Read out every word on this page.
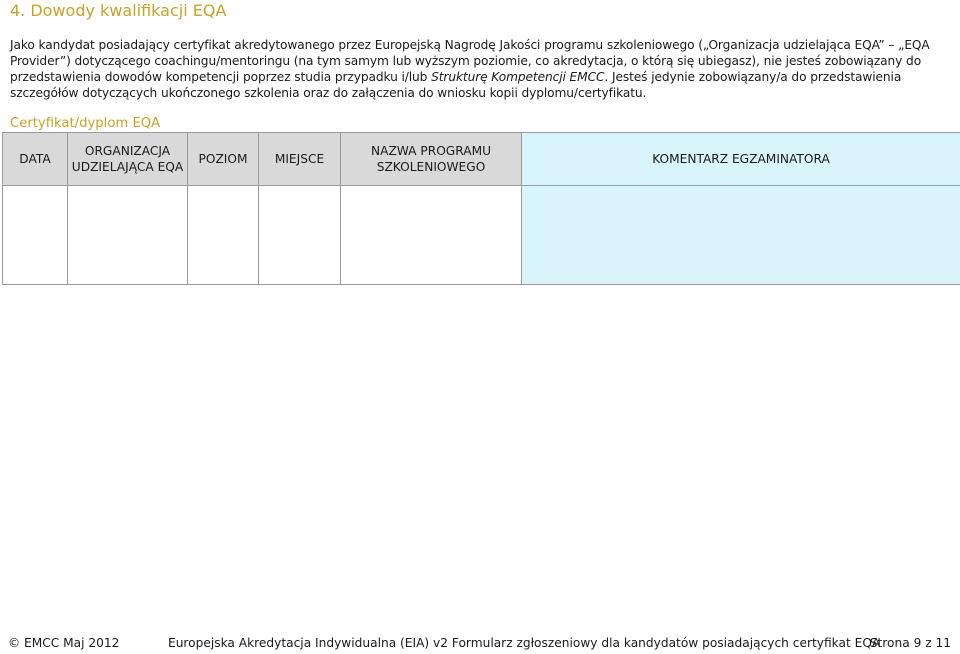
4. Dowody kwalifikacji EQA

Jako kandydat posiadający certyfikat akredytowanego przez Europejską Nagrodę Jakości programu szkoleniowego („Organizacja udzielająca EQA” – „EQA Provider”) dotyczącego coachingu/mentoringu (na tym samym lub wyższym poziomie, co akredytacja, o którą się ubiegasz), nie jesteś zobowiązany do przedstawienia dowodów kompetencji poprzez studia przypadku i/lub Strukturę Kompetencji EMCC. Jesteś jedynie zobowiązany/a do przedstawienia szczegółów dotyczących ukończonego szkolenia oraz do załączenia do wniosku kopii dyplomu/certyfikatu.

Certyfikat/dyplom EQA
DATA	ORGANIZACJA UDZIELAJĄCA EQA	POZIOM	MIEJSCE	NAZWA PROGRAMU SZKOLENIOWEGO	KOMENTARZ EGZAMINATORA

© EMCC Maj 2012	Europejska Akredytacja Indywidualna (EIA) v2 Formularz zgłoszeniowy dla kandydatów posiadających certyfikat EQA
Strona 9 z 11
